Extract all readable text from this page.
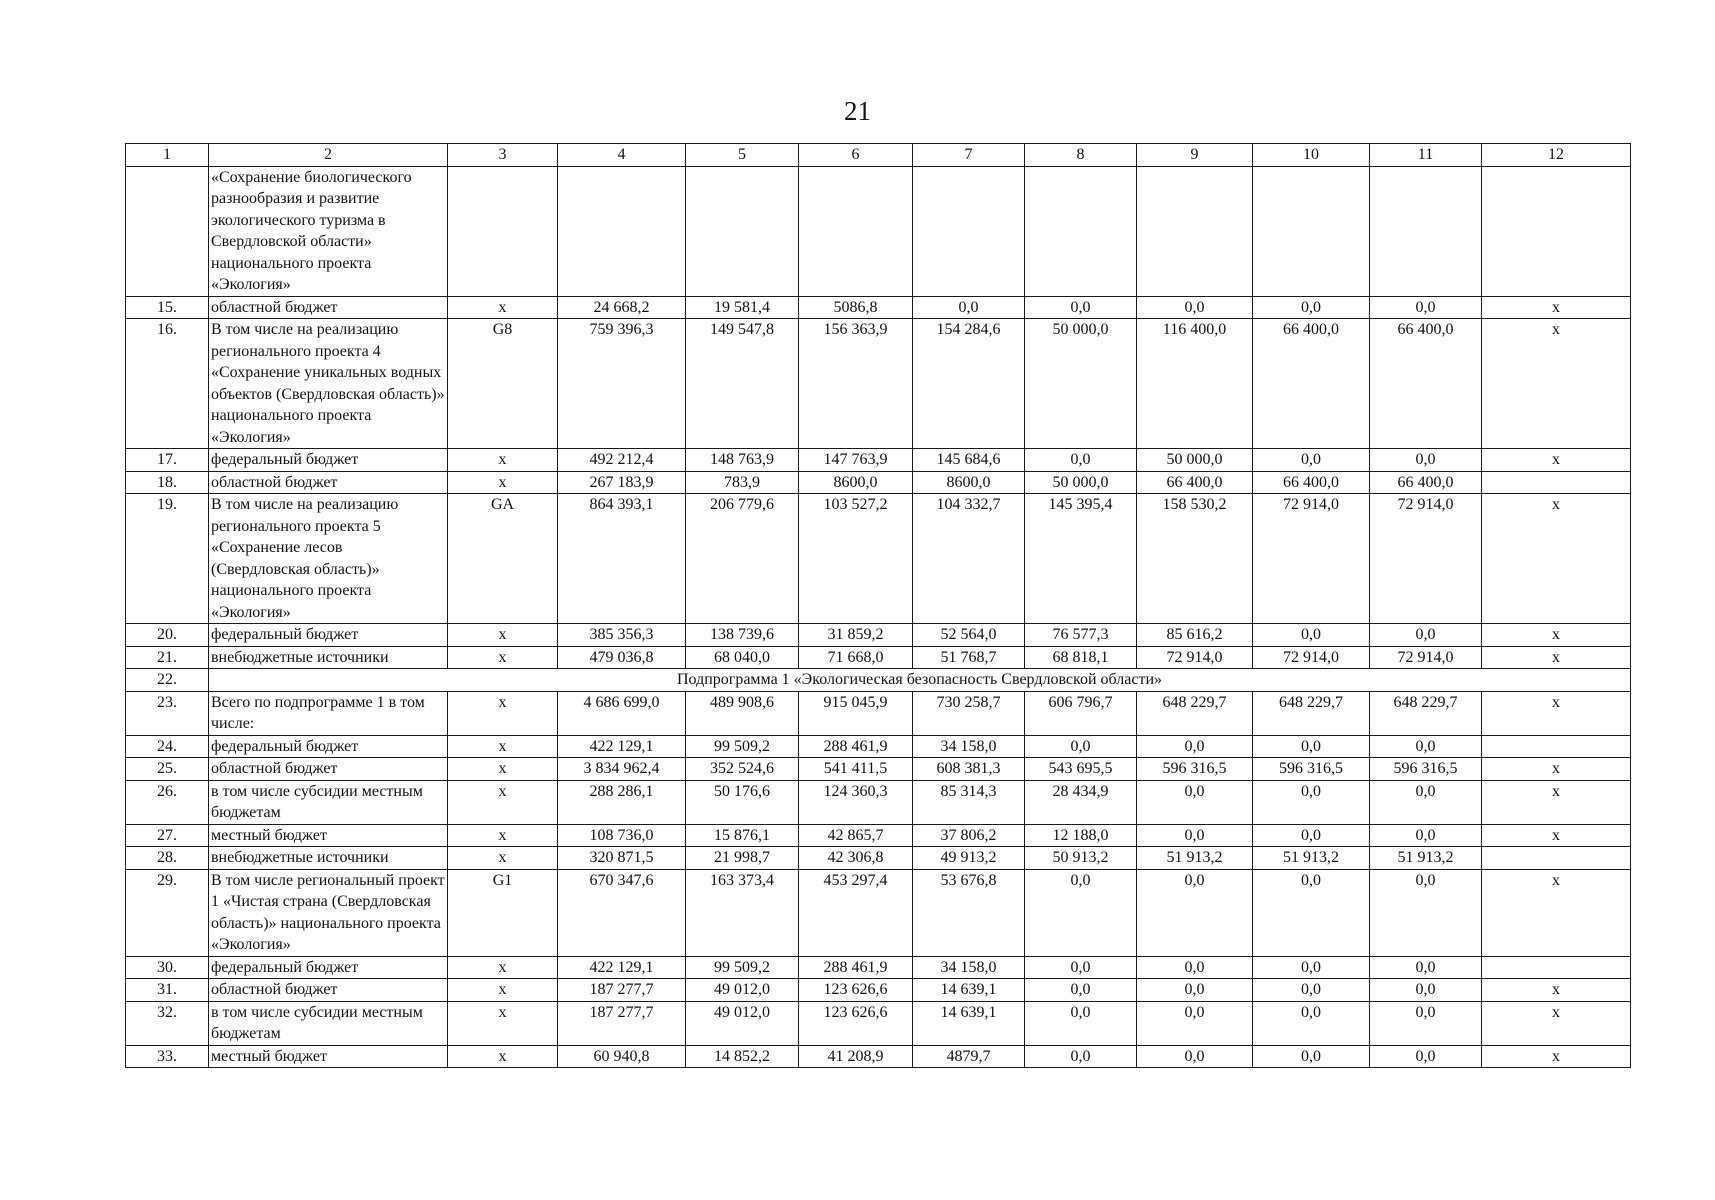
21
1	2	3	4	5	6	7	8	9	10	11	12
	«Сохранение биологического разнообразия и развитие экологического туризма в Свердловской области» национального проекта «Экология»										
15.	областной бюджет	x	24 668,2	19 581,4	5086,8	0,0	0,0	0,0	0,0	0,0	x
16.	В том числе на реализацию регионального проекта 4 «Сохранение уникальных водных объектов (Свердловская область)» национального проекта «Экология»	G8	759 396,3	149 547,8	156 363,9	154 284,6	50 000,0	116 400,0	66 400,0	66 400,0	x
17.	федеральный бюджет	x	492 212,4	148 763,9	147 763,9	145 684,6	0,0	50 000,0	0,0	0,0	x
18.	областной бюджет	x	267 183,9	783,9	8600,0	8600,0	50 000,0	66 400,0	66 400,0	66 400,0	
19.	В том числе на реализацию регионального проекта 5 «Сохранение лесов (Свердловская область)» национального проекта «Экология»	GA	864 393,1	206 779,6	103 527,2	104 332,7	145 395,4	158 530,2	72 914,0	72 914,0	x
20.	федеральный бюджет	x	385 356,3	138 739,6	31 859,2	52 564,0	76 577,3	85 616,2	0,0	0,0	x
21.	внебюджетные источники	x	479 036,8	68 040,0	71 668,0	51 768,7	68 818,1	72 914,0	72 914,0	72 914,0	x
22.	Подпрограмма 1 «Экологическая безопасность Свердловской области»										
23.	Всего по подпрограмме 1 в том числе:	x	4 686 699,0	489 908,6	915 045,9	730 258,7	606 796,7	648 229,7	648 229,7	648 229,7	x
24.	федеральный бюджет	x	422 129,1	99 509,2	288 461,9	34 158,0	0,0	0,0	0,0	0,0	
25.	областной бюджет	x	3 834 962,4	352 524,6	541 411,5	608 381,3	543 695,5	596 316,5	596 316,5	596 316,5	x
26.	в том числе субсидии местным бюджетам	x	288 286,1	50 176,6	124 360,3	85 314,3	28 434,9	0,0	0,0	0,0	x
27.	местный бюджет	x	108 736,0	15 876,1	42 865,7	37 806,2	12 188,0	0,0	0,0	0,0	x
28.	внебюджетные источники	x	320 871,5	21 998,7	42 306,8	49 913,2	50 913,2	51 913,2	51 913,2	51 913,2	
29.	В том числе региональный проект 1 «Чистая страна (Свердловская область)» национального проекта «Экология»	G1	670 347,6	163 373,4	453 297,4	53 676,8	0,0	0,0	0,0	0,0	x
30.	федеральный бюджет	x	422 129,1	99 509,2	288 461,9	34 158,0	0,0	0,0	0,0	0,0	
31.	областной бюджет	x	187 277,7	49 012,0	123 626,6	14 639,1	0,0	0,0	0,0	0,0	x
32.	в том числе субсидии местным бюджетам	x	187 277,7	49 012,0	123 626,6	14 639,1	0,0	0,0	0,0	0,0	x
33.	местный бюджет	x	60 940,8	14 852,2	41 208,9	4879,7	0,0	0,0	0,0	0,0	x
